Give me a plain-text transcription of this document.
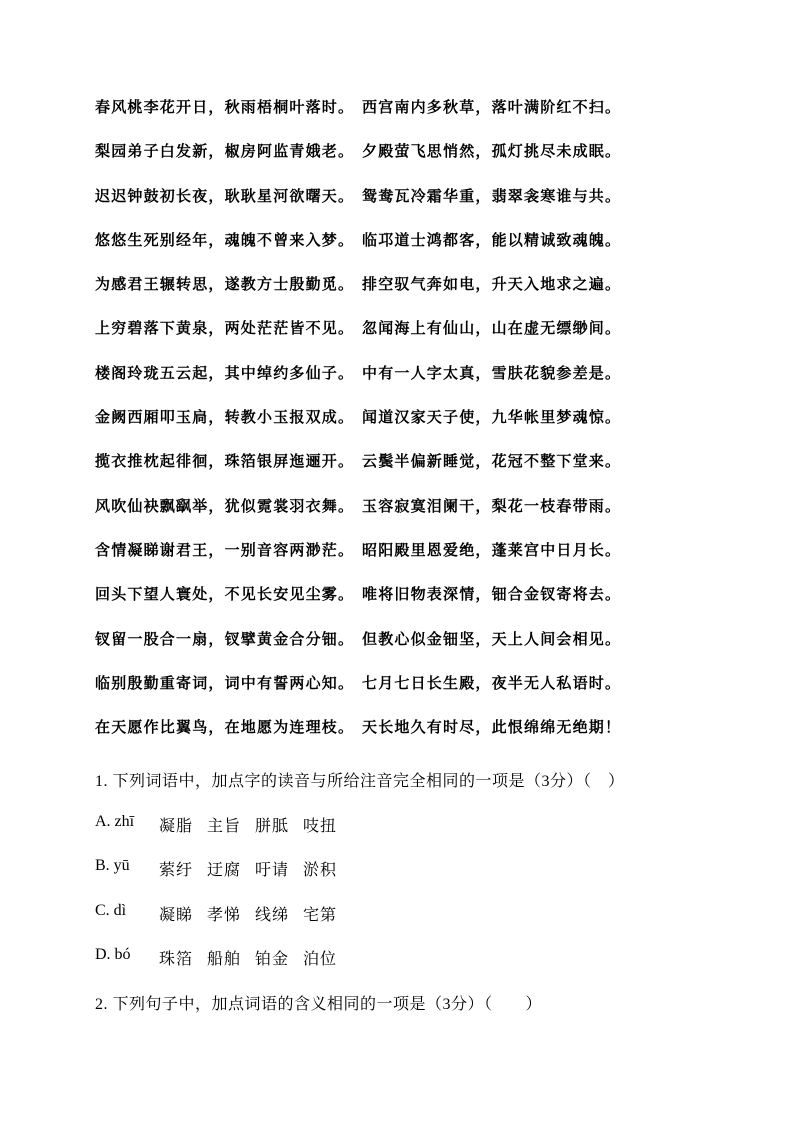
春风桃李花开日，秋雨梧桐叶落时。 西宫南内多秋草，落叶满阶红不扫。
梨园弟子白发新，椒房阿监青娥老。 夕殿萤飞思悄然，孤灯挑尽未成眠。
迟迟钟鼓初长夜，耿耿星河欲曙天。 鸳鸯瓦冷霜华重，翡翠衾寒谁与共。
悠悠生死别经年，魂魄不曾来入梦。 临邛道士鸿都客，能以精诚致魂魄。
为感君王辗转思，遂教方士殷勤觅。 排空驭气奔如电，升天入地求之遍。
上穷碧落下黄泉，两处茫茫皆不见。 忽闻海上有仙山，山在虚无缥缈间。
楼阁玲珑五云起，其中绰约多仙子。 中有一人字太真，雪肤花貌参差是。
金阙西厢叩玉扃，转教小玉报双成。 闻道汉家天子使，九华帐里梦魂惊。
揽衣推枕起徘徊，珠箔银屏迤逦开。 云鬓半偏新睡觉，花冠不整下堂来。
风吹仙袂飘飖举，犹似霓裳羽衣舞。 玉容寂寞泪阑干，梨花一枝春带雨。
含情凝睇谢君王，一别音容两渺茫。 昭阳殿里恩爱绝，蓬莱宫中日月长。
回头下望人寰处，不见长安见尘雾。 唯将旧物表深情，钿合金钗寄将去。
钗留一股合一扇，钗擘黄金合分钿。 但教心似金钿坚，天上人间会相见。
临别殷勤重寄词，词中有誓两心知。 七月七日长生殿，夜半无人私语时。
在天愿作比翼鸟，在地愿为连理枝。 天长地久有时尽，此恨绵绵无绝期！
1. 下列词语中，加点字的读音与所给注音完全相同的一项是（3分）（　）
A. zhī	凝脂 主旨 胼胝 吱扭
B. yū	萦纡 迂腐 吁请 淤积
C. dì	凝睇 孝悌 线绨 宅第
D. bó	珠箔 船舶 铂金 泊位
2. 下列句子中，加点词语的含义相同的一项是（3分）（　　）
